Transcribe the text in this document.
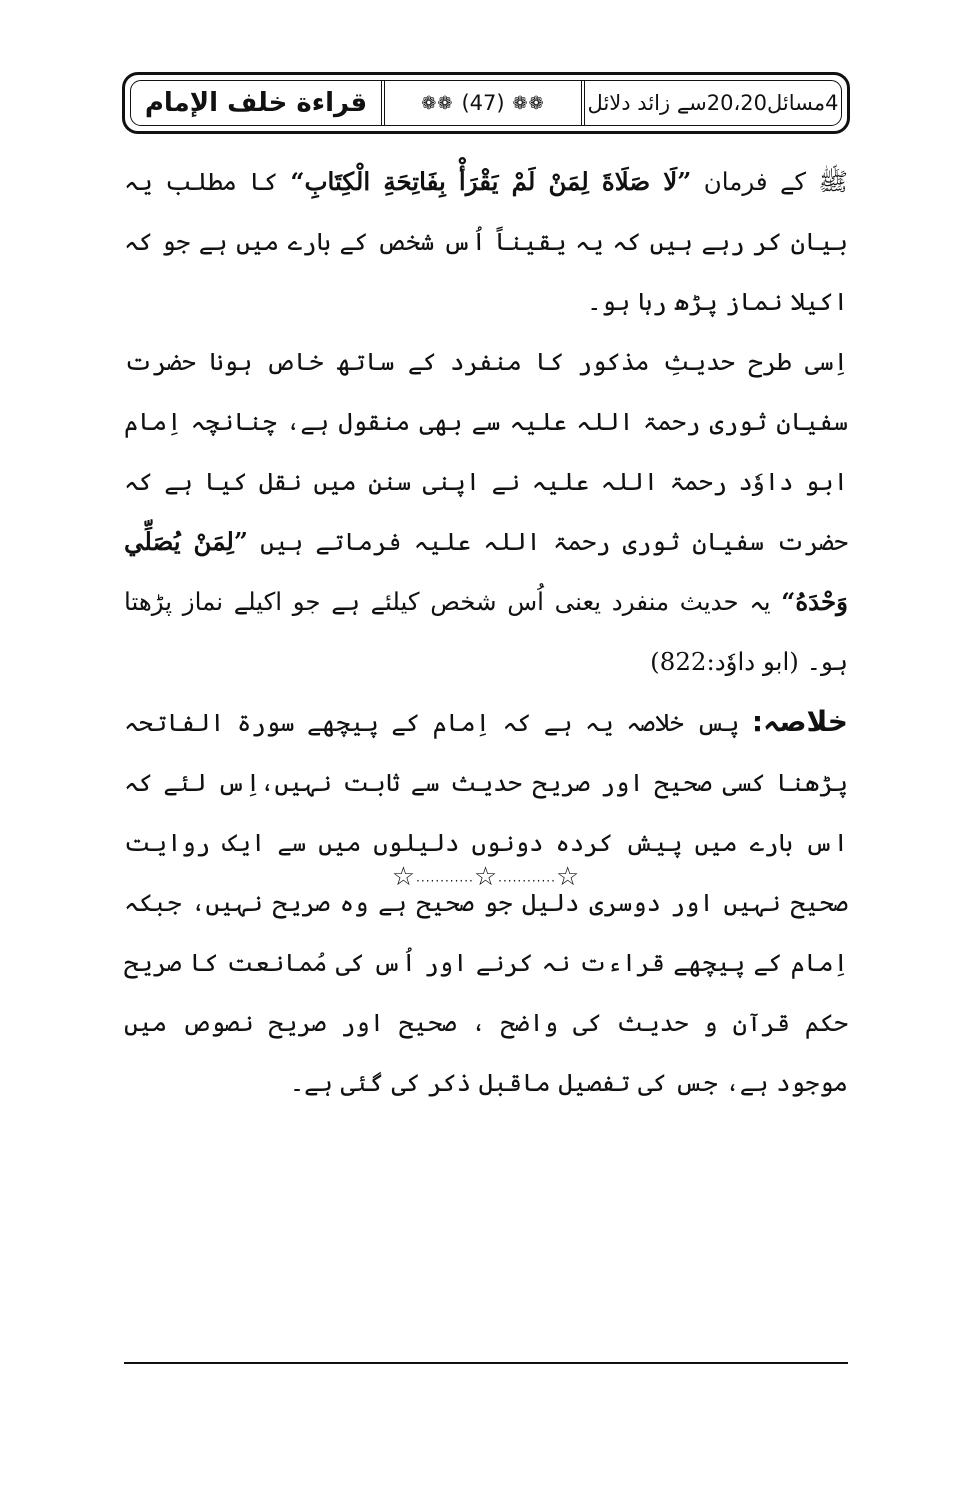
4مسائل20،20سے زائد دلائل
❁❁ (47) ❁❁
قراءة خلف الإمام

ﷺ کے فرمان ”لَا صَلَاةَ لِمَنْ لَمْ يَقْرَأْ بِفَاتِحَةِ الْكِتَابِ“ کا مطلب یہ بیان کر رہے ہیں کہ یہ یقیناً اُس شخص کے بارے میں ہے جو کہ اکیلا نماز پڑھ رہا ہو۔

اِسی طرح حدیثِ مذکور کا منفرد کے ساتھ خاص ہونا حضرت سفیان ثوری رحمۃ اللہ علیہ سے بھی منقول ہے، چنانچہ اِمام ابو داوٗد رحمۃ اللہ علیہ نے اپنی سنن میں نقل کیا ہے کہ حضرت سفیان ثوری رحمۃ اللہ علیہ فرماتے ہیں ”لِمَنْ يُصَلِّي وَحْدَهُ“ یہ حدیث منفرد یعنی اُس شخص کیلئے ہے جو اکیلے نماز پڑھتا ہو۔ (ابو داوٗد:822)

خلاصہ: پس خلاصہ یہ ہے کہ اِمام کے پیچھے سورۃ الفاتحہ پڑھنا کسی صحیح اور صریح حدیث سے ثابت نہیں،اِس لئے کہ اس بارے میں پیش کردہ دونوں دلیلوں میں سے ایک روایت صحیح نہیں اور دوسری دلیل جو صحیح ہے وہ صریح نہیں، جبکہ اِمام کے پیچھے قراءت نہ کرنے اور اُس کی مُمانعت کا صریح حکم قرآن و حدیث کی واضح ، صحیح اور صریح نصوص میں موجود ہے، جس کی تفصیل ماقبل ذکر کی گئی ہے۔

☆............☆............☆
